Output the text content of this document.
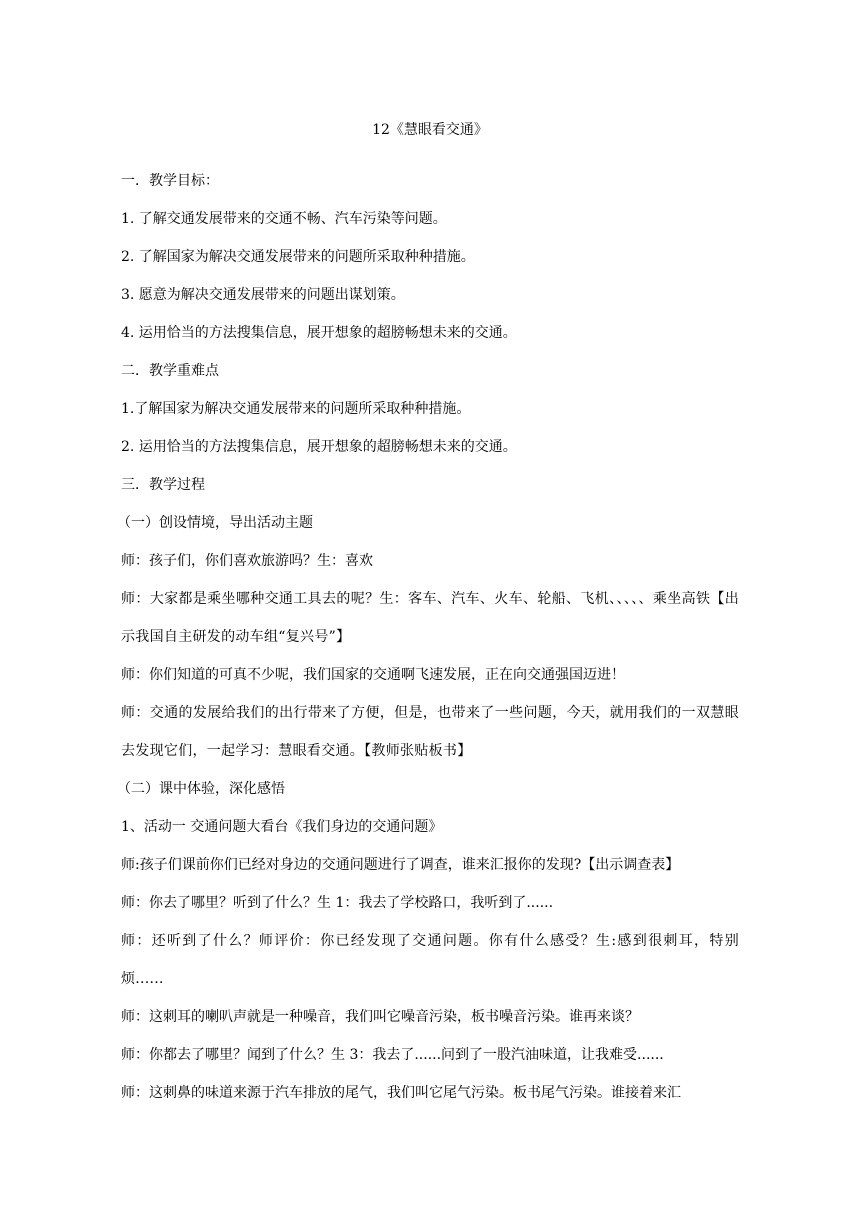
12《慧眼看交通》

一．教学目标：

1. 了解交通发展带来的交通不畅、汽车污染等问题。

2. 了解国家为解决交通发展带来的问题所采取种种措施。

3. 愿意为解决交通发展带来的问题出谋划策。

4. 运用恰当的方法搜集信息，展开想象的超膀畅想未来的交通。

二．教学重难点

1.了解国家为解决交通发展带来的问题所采取种种措施。

2. 运用恰当的方法搜集信息，展开想象的超膀畅想未来的交通。

三．教学过程

（一）创设情境，导出活动主题

师：孩子们，你们喜欢旅游吗？生：喜欢

师：大家都是乘坐哪种交通工具去的呢？生：客车、汽车、火车、轮船、飞机、、、、、乘坐高铁【出示我国自主研发的动车组“复兴号”】

师：你们知道的可真不少呢，我们国家的交通啊飞速发展，正在向交通强国迈进！

师：交通的发展给我们的出行带来了方便，但是，也带来了一些问题，今天，就用我们的一双慧眼去发现它们，一起学习：慧眼看交通。【教师张贴板书】

（二）课中体验，深化感悟

1、活动一 交通问题大看台《我们身边的交通问题》

师:孩子们课前你们已经对身边的交通问题进行了调查，谁来汇报你的发现?【出示调查表】

师：你去了哪里？听到了什么？生 1：我去了学校路口，我听到了......

师：还听到了什么？师评价：你已经发现了交通问题。你有什么感受？生:感到很刺耳，特别烦......

师：这刺耳的喇叭声就是一种噪音，我们叫它噪音污染，板书噪音污染。谁再来谈？

师：你都去了哪里？闻到了什么？生 3：我去了......问到了一股汽油味道，让我难受......

师：这刺鼻的味道来源于汽车排放的尾气，我们叫它尾气污染。板书尾气污染。谁接着来汇
